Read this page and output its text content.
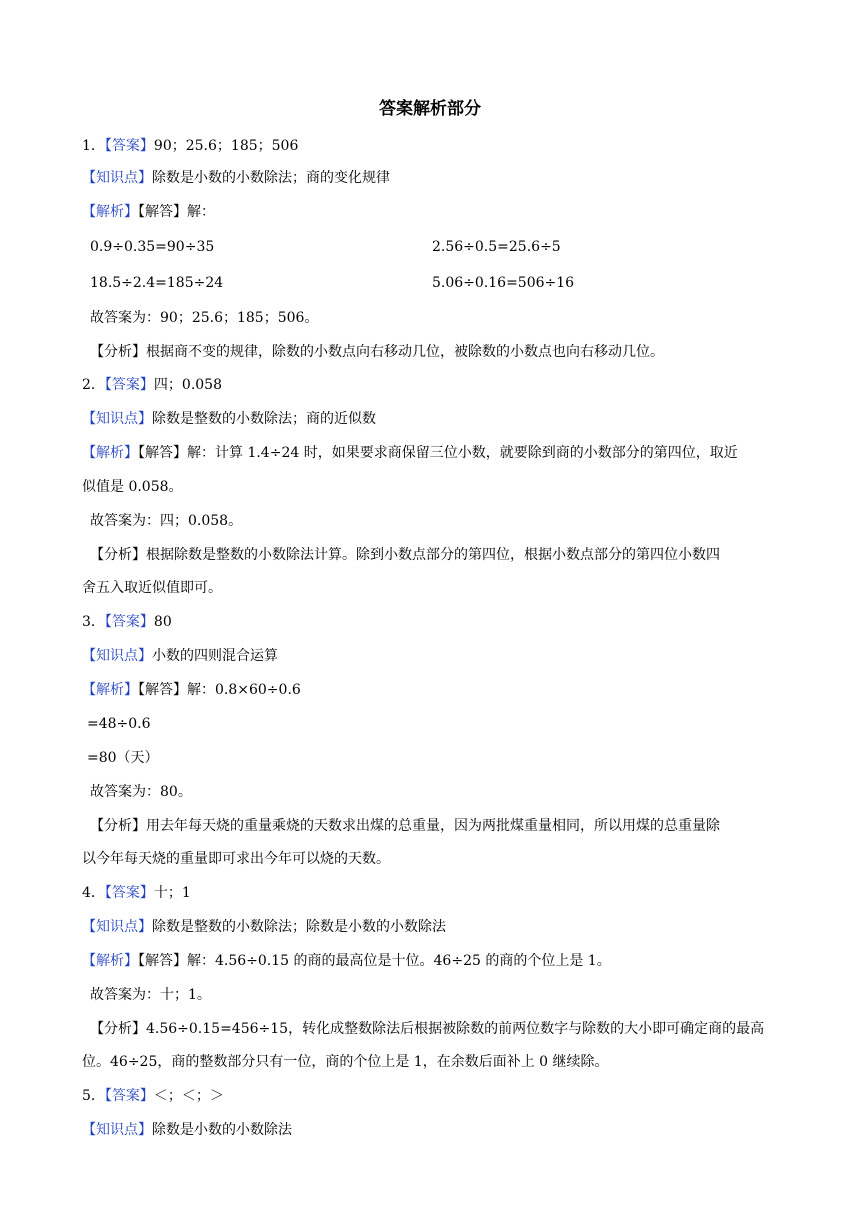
答案解析部分
1．【答案】90；25.6；185；506
【知识点】除数是小数的小数除法；商的变化规律
【解析】【解答】解：
0.9÷0.35=90÷35	2.56÷0.5=25.6÷5
18.5÷2.4=185÷24	5.06÷0.16=506÷16
故答案为：90；25.6；185；506。
【分析】根据商不变的规律，除数的小数点向右移动几位，被除数的小数点也向右移动几位。
2．【答案】四；0.058
【知识点】除数是整数的小数除法；商的近似数
【解析】【解答】解：计算 1.4÷24 时，如果要求商保留三位小数，就要除到商的小数部分的第四位，取近
似值是 0.058。
故答案为：四；0.058。
【分析】根据除数是整数的小数除法计算。除到小数点部分的第四位，根据小数点部分的第四位小数四
舍五入取近似值即可。
3．【答案】80
【知识点】小数的四则混合运算
【解析】【解答】解：0.8×60÷0.6
=48÷0.6
=80（天）
故答案为：80。
【分析】用去年每天烧的重量乘烧的天数求出煤的总重量，因为两批煤重量相同，所以用煤的总重量除
以今年每天烧的重量即可求出今年可以烧的天数。
4．【答案】十；1
【知识点】除数是整数的小数除法；除数是小数的小数除法
【解析】【解答】解：4.56÷0.15 的商的最高位是十位。46÷25 的商的个位上是 1。
故答案为：十；1。
【分析】4.56÷0.15=456÷15，转化成整数除法后根据被除数的前两位数字与除数的大小即可确定商的最高
位。46÷25，商的整数部分只有一位，商的个位上是 1，在余数后面补上 0 继续除。
5．【答案】＜；＜；＞
【知识点】除数是小数的小数除法
